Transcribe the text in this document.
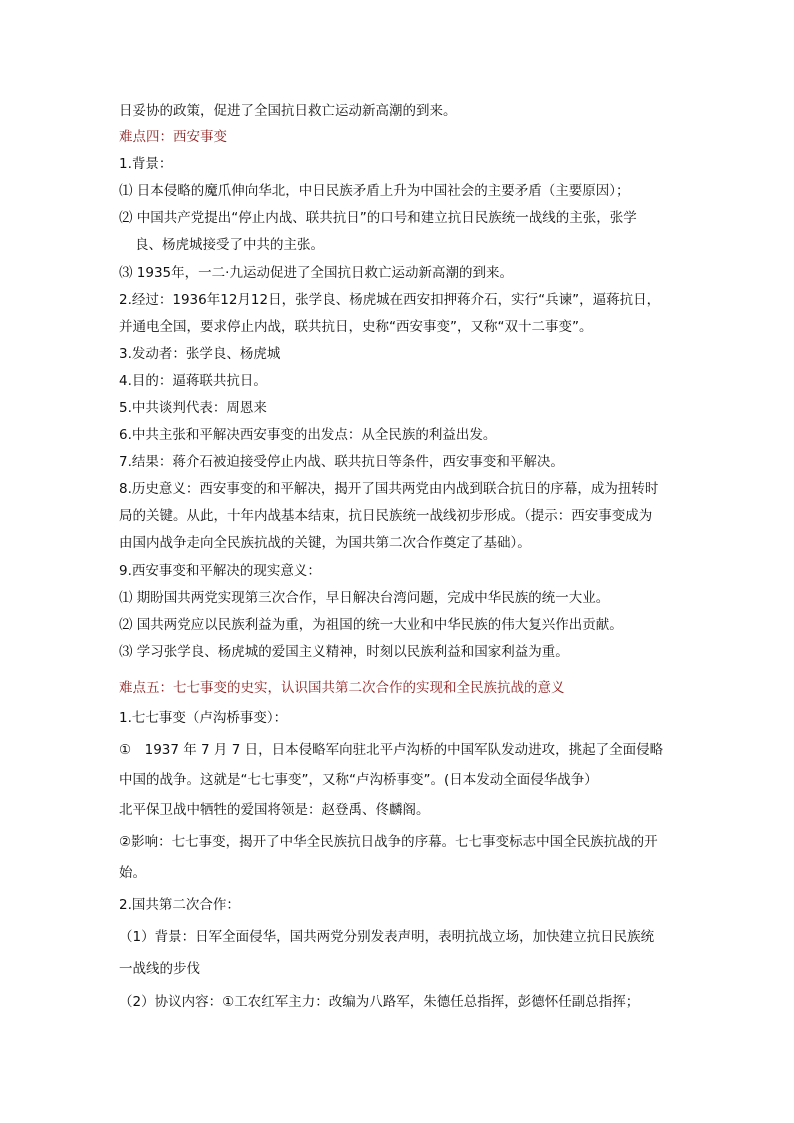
日妥协的政策，促进了全国抗日救亡运动新高潮的到来。
难点四：西安事变
1.背景：
⑴ 日本侵略的魔爪伸向华北，中日民族矛盾上升为中国社会的主要矛盾（主要原因）；
⑵ 中国共产党提出“停止内战、联共抗日”的口号和建立抗日民族统一战线的主张，张学
良、杨虎城接受了中共的主张。
⑶ 1935年，一二·九运动促进了全国抗日救亡运动新高潮的到来。
2.经过：1936年12月12日，张学良、杨虎城在西安扣押蒋介石，实行“兵谏”，逼蒋抗日，
并通电全国，要求停止内战，联共抗日，史称“西安事变”，又称“双十二事变”。
3.发动者：张学良、杨虎城
4.目的：逼蒋联共抗日。
5.中共谈判代表：周恩来
6.中共主张和平解决西安事变的出发点：从全民族的利益出发。
7.结果：蒋介石被迫接受停止内战、联共抗日等条件，西安事变和平解决。
8.历史意义：西安事变的和平解决，揭开了国共两党由内战到联合抗日的序幕，成为扭转时
局的关键。从此，十年内战基本结束，抗日民族统一战线初步形成。（提示：西安事变成为
由国内战争走向全民族抗战的关键，为国共第二次合作奠定了基础）。
9.西安事变和平解决的现实意义：
⑴ 期盼国共两党实现第三次合作，早日解决台湾问题，完成中华民族的统一大业。
⑵ 国共两党应以民族利益为重，为祖国的统一大业和中华民族的伟大复兴作出贡献。
⑶ 学习张学良、杨虎城的爱国主义精神，时刻以民族利益和国家利益为重。
难点五：七七事变的史实，认识国共第二次合作的实现和全民族抗战的意义
1.七七事变（卢沟桥事变）：
①　1937 年 7 月 7 日，日本侵略军向驻北平卢沟桥的中国军队发动进攻，挑起了全面侵略
中国的战争。这就是“七七事变”，又称“卢沟桥事变”。(日本发动全面侵华战争）
北平保卫战中牺牲的爱国将领是：赵登禹、佟麟阁。
②影响：七七事变，揭开了中华全民族抗日战争的序幕。七七事变标志中国全民族抗战的开
始。
2.国共第二次合作：
（1）背景：日军全面侵华，国共两党分别发表声明，表明抗战立场，加快建立抗日民族统
一战线的步伐
（2）协议内容：①工农红军主力：改编为八路军，朱德任总指挥，彭德怀任副总指挥；
